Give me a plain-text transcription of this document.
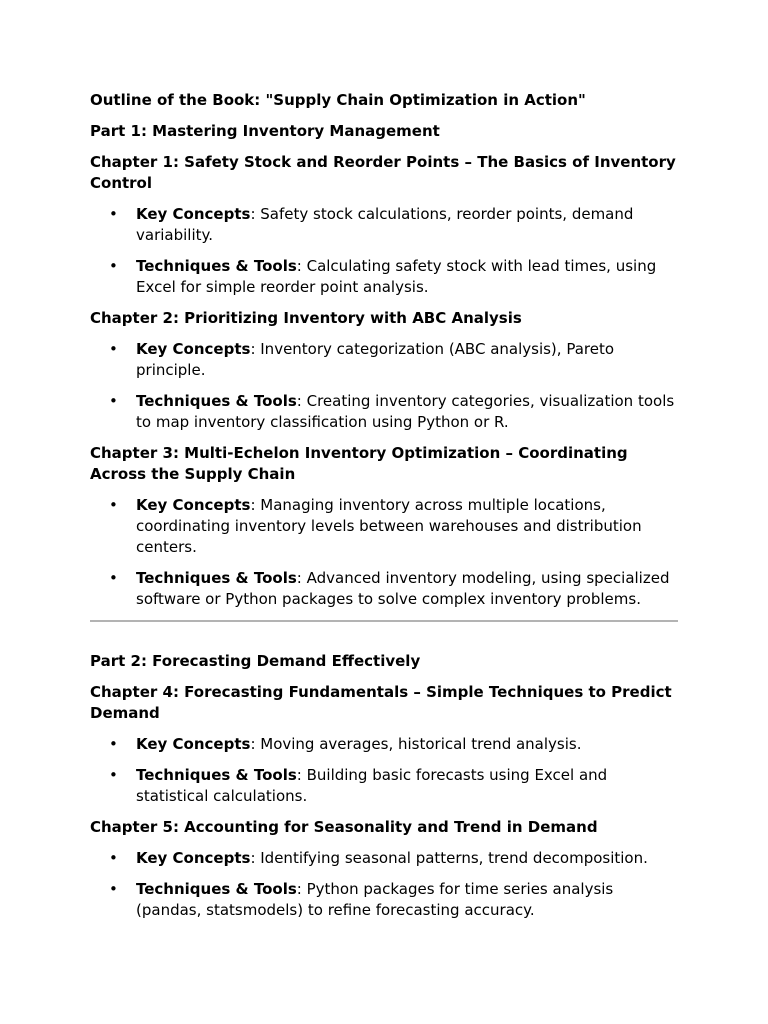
Outline of the Book: "Supply Chain Optimization in Action"

Part 1: Mastering Inventory Management

Chapter 1: Safety Stock and Reorder Points – The Basics of Inventory Control

• Key Concepts: Safety stock calculations, reorder points, demand variability.
• Techniques & Tools: Calculating safety stock with lead times, using Excel for simple reorder point analysis.

Chapter 2: Prioritizing Inventory with ABC Analysis

• Key Concepts: Inventory categorization (ABC analysis), Pareto principle.
• Techniques & Tools: Creating inventory categories, visualization tools to map inventory classification using Python or R.

Chapter 3: Multi-Echelon Inventory Optimization – Coordinating Across the Supply Chain

• Key Concepts: Managing inventory across multiple locations, coordinating inventory levels between warehouses and distribution centers.
• Techniques & Tools: Advanced inventory modeling, using specialized software or Python packages to solve complex inventory problems.

Part 2: Forecasting Demand Effectively

Chapter 4: Forecasting Fundamentals – Simple Techniques to Predict Demand

• Key Concepts: Moving averages, historical trend analysis.
• Techniques & Tools: Building basic forecasts using Excel and statistical calculations.

Chapter 5: Accounting for Seasonality and Trend in Demand

• Key Concepts: Identifying seasonal patterns, trend decomposition.
• Techniques & Tools: Python packages for time series analysis (pandas, statsmodels) to refine forecasting accuracy.
